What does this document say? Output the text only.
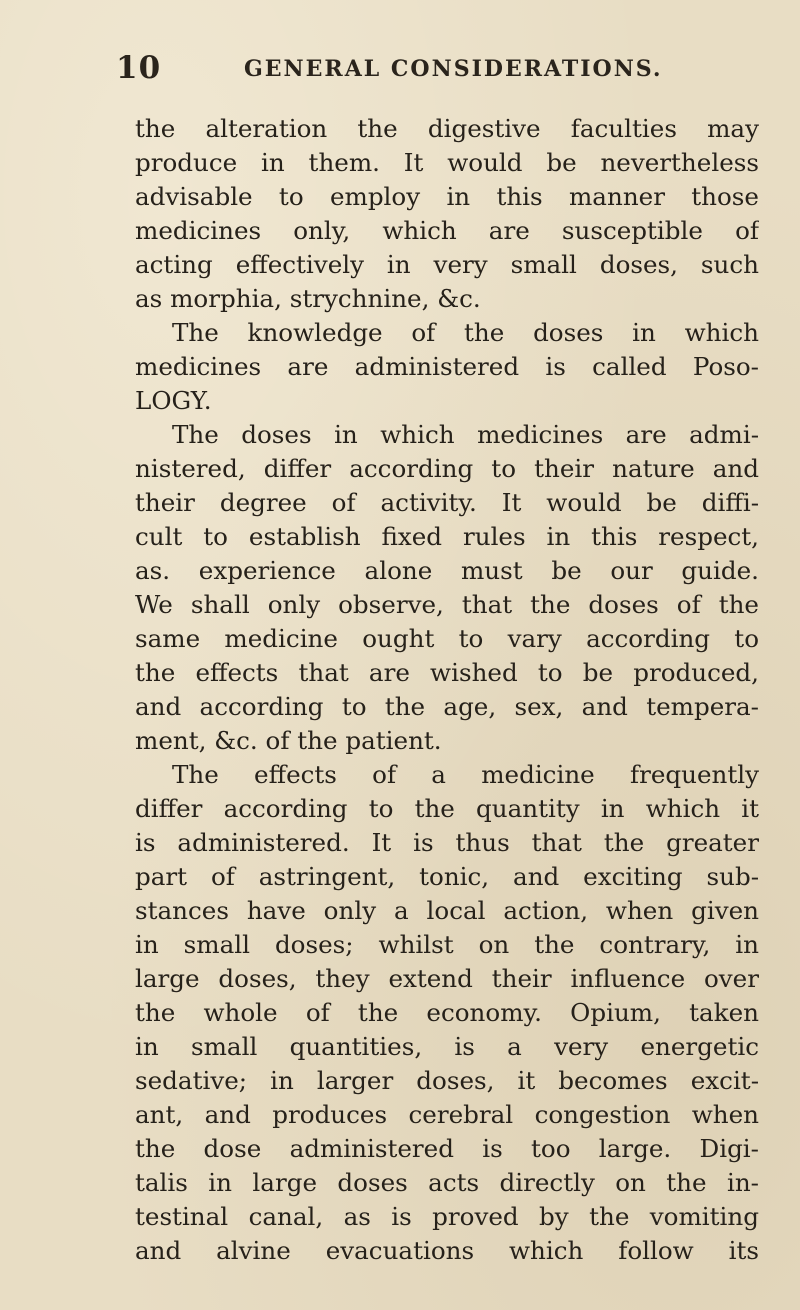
10	GENERAL CONSIDERATIONS.
the alteration the digestive faculties may
produce in them. It would be nevertheless
advisable to employ in this manner those
medicines only, which are susceptible of
acting effectively in very small doses, such
as morphia, strychnine, &c.
The knowledge of the doses in which
medicines are administered is called Poso-
LOGY.
The doses in which medicines are admi-
nistered, differ according to their nature and
their degree of activity. It would be diffi-
cult to establish fixed rules in this respect,
as. experience alone must be our guide.
We shall only observe, that the doses of the
same medicine ought to vary according to
the effects that are wished to be produced,
and according to the age, sex, and tempera-
ment, &c. of the patient.
The effects of a medicine frequently
differ according to the quantity in which it
is administered. It is thus that the greater
part of astringent, tonic, and exciting sub-
stances have only a local action, when given
in small doses; whilst on the contrary, in
large doses, they extend their influence over
the whole of the economy. Opium, taken
in small quantities, is a very energetic
sedative; in larger doses, it becomes excit-
ant, and produces cerebral congestion when
the dose administered is too large. Digi-
talis in large doses acts directly on the in-
testinal canal, as is proved by the vomiting
and alvine evacuations which follow its
